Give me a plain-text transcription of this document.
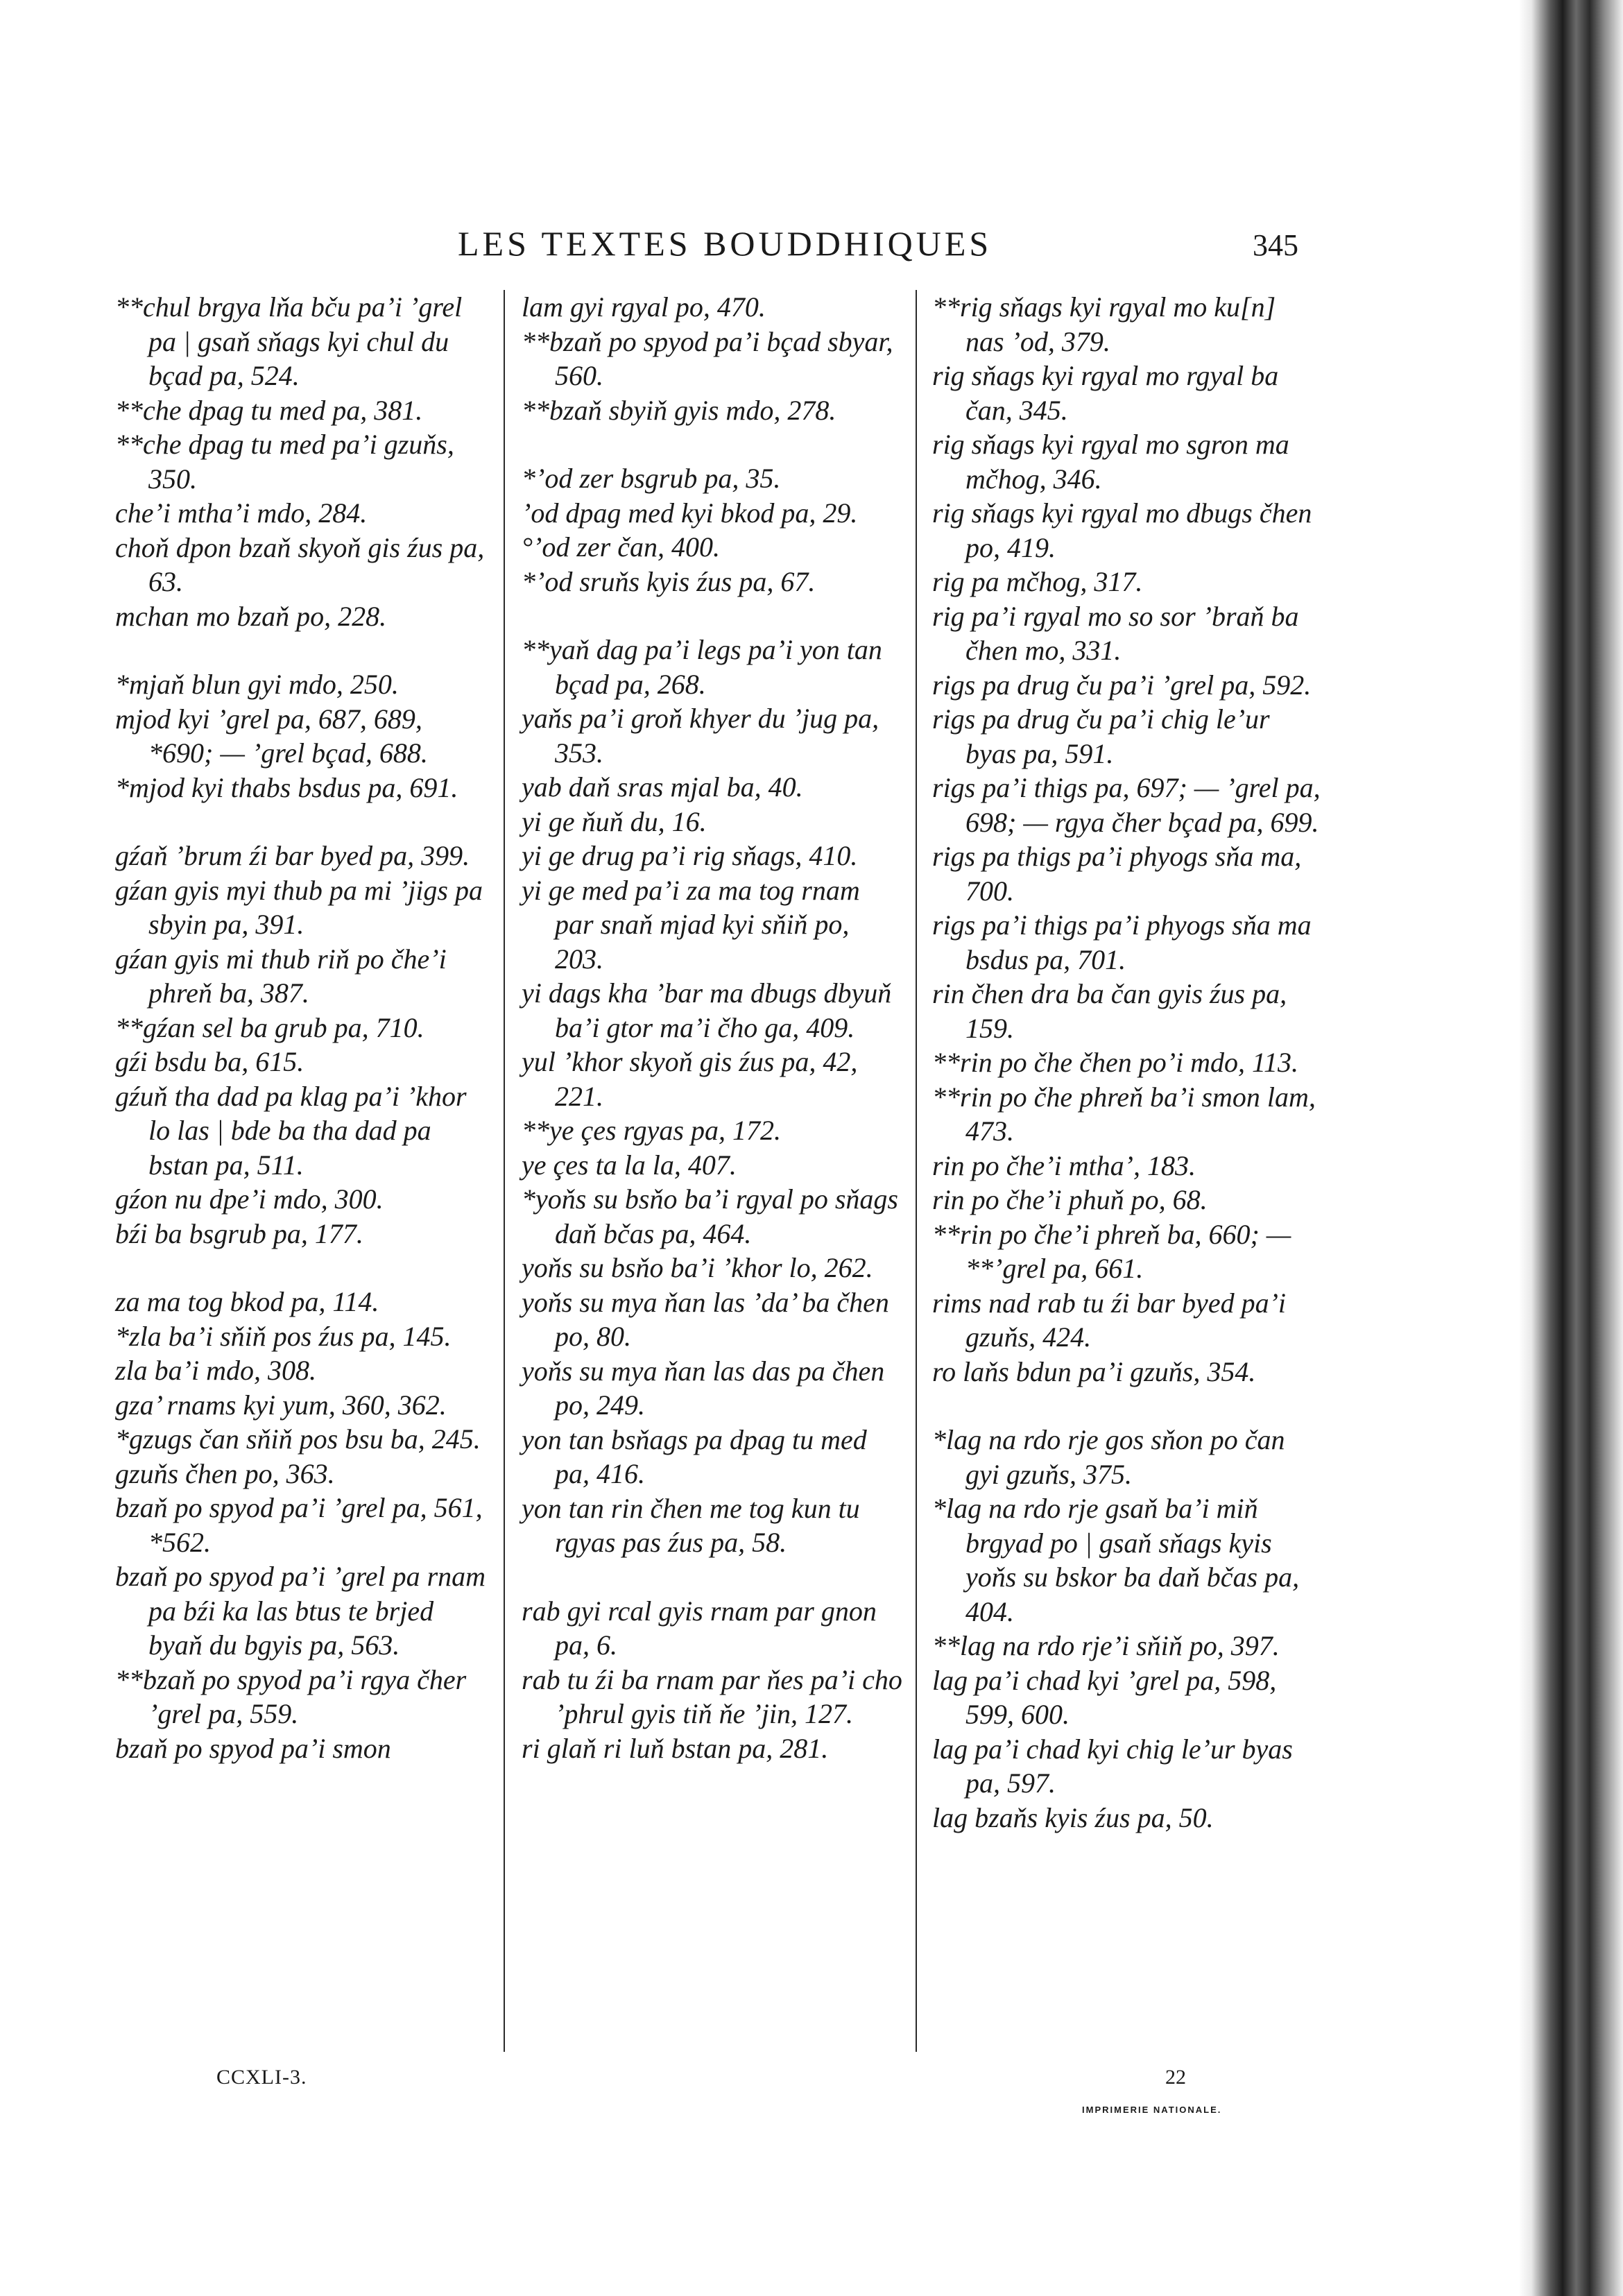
LES TEXTES BOUDDHIQUES	345

**chul brgya lňa bču pa’i ’grel pa | gsaň sňags kyi chul du bçad pa, 524.

**che dpag tu med pa, 381.

**che dpag tu med pa’i gzuňs, 350.

che’i mtha’i mdo, 284.

choň dpon bzaň skyoň gis źus pa, 63.

mchan mo bzaň po, 228.

*mjaň blun gyi mdo, 250.

mjod kyi ’grel pa, 687, 689, *690; — ’grel bçad, 688.

*mjod kyi thabs bsdus pa, 691.

gźaň ’brum źi bar byed pa, 399.

gźan gyis myi thub pa mi ’jigs pa sbyin pa, 391.

gźan gyis mi thub riň po čhe’i phreň ba, 387.

**gźan sel ba grub pa, 710.

gźi bsdu ba, 615.

gźuň tha dad pa klag pa’i ’khor lo las | bde ba tha dad pa bstan pa, 511.

gźon nu dpe’i mdo, 300.

bźi ba bsgrub pa, 177.

za ma tog bkod pa, 114.

*zla ba’i sňiň pos źus pa, 145.

zla ba’i mdo, 308.

gza’ rnams kyi yum, 360, 362.

*gzugs čan sňiň pos bsu ba, 245.

gzuňs čhen po, 363.

bzaň po spyod pa’i ’grel pa, 561, *562.

bzaň po spyod pa’i ’grel pa rnam pa bźi ka las btus te brjed byaň du bgyis pa, 563.

**bzaň po spyod pa’i rgya čher ’grel pa, 559.

bzaň po spyod pa’i smon

lam gyi rgyal po, 470.

**bzaň po spyod pa’i bçad sbyar, 560.

**bzaň sbyiň gyis mdo, 278.

*’od zer bsgrub pa, 35.

’od dpag med kyi bkod pa, 29.

°’od zer čan, 400.

*’od sruňs kyis źus pa, 67.

**yaň dag pa’i legs pa’i yon tan bçad pa, 268.

yaňs pa’i groň khyer du ’jug pa, 353.

yab daň sras mjal ba, 40.

yi ge ňuň du, 16.

yi ge drug pa’i rig sňags, 410.

yi ge med pa’i za ma tog rnam par snaň mjad kyi sňiň po, 203.

yi dags kha ’bar ma dbugs dbyuň ba’i gtor ma’i čho ga, 409.

yul ’khor skyoň gis źus pa, 42, 221.

**ye çes rgyas pa, 172.

ye çes ta la la, 407.

*yoňs su bsňo ba’i rgyal po sňags daň bčas pa, 464.

yoňs su bsňo ba’i ’khor lo, 262.

yoňs su mya ňan las ’da’ ba čhen po, 80.

yoňs su mya ňan las das pa čhen po, 249.

yon tan bsňags pa dpag tu med pa, 416.

yon tan rin čhen me tog kun tu rgyas pas źus pa, 58.

rab gyi rcal gyis rnam par gnon pa, 6.

rab tu źi ba rnam par ňes pa’i cho ’phrul gyis tiň ňe ’jin, 127.

ri glaň ri luň bstan pa, 281.

**rig sňags kyi rgyal mo ku[n] nas ’od, 379.

rig sňags kyi rgyal mo rgyal ba čan, 345.

rig sňags kyi rgyal mo sgron ma mčhog, 346.

rig sňags kyi rgyal mo dbugs čhen po, 419.

rig pa mčhog, 317.

rig pa’i rgyal mo so sor ’braň ba čhen mo, 331.

rigs pa drug ču pa’i ’grel pa, 592.

rigs pa drug ču pa’i chig le’ur byas pa, 591.

rigs pa’i thigs pa, 697; — ’grel pa, 698; — rgya čher bçad pa, 699.

rigs pa thigs pa’i phyogs sňa ma, 700.

rigs pa’i thigs pa’i phyogs sňa ma bsdus pa, 701.

rin čhen dra ba čan gyis źus pa, 159.

**rin po čhe čhen po’i mdo, 113.

**rin po čhe phreň ba’i smon lam, 473.

rin po čhe’i mtha’, 183.

rin po čhe’i phuň po, 68.

**rin po čhe’i phreň ba, 660; — **’grel pa, 661.

rims nad rab tu źi bar byed pa’i gzuňs, 424.

ro laňs bdun pa’i gzuňs, 354.

*lag na rdo rje gos sňon po čan gyi gzuňs, 375.

*lag na rdo rje gsaň ba’i miň brgyad po | gsaň sňags kyis yoňs su bskor ba daň bčas pa, 404.

**lag na rdo rje’i sňiň po, 397.

lag pa’i chad kyi ’grel pa, 598, 599, 600.

lag pa’i chad kyi chig le’ur byas pa, 597.

lag bzaňs kyis źus pa, 50.

CCXLI-3.	22
IMPRIMERIE NATIONALE.
